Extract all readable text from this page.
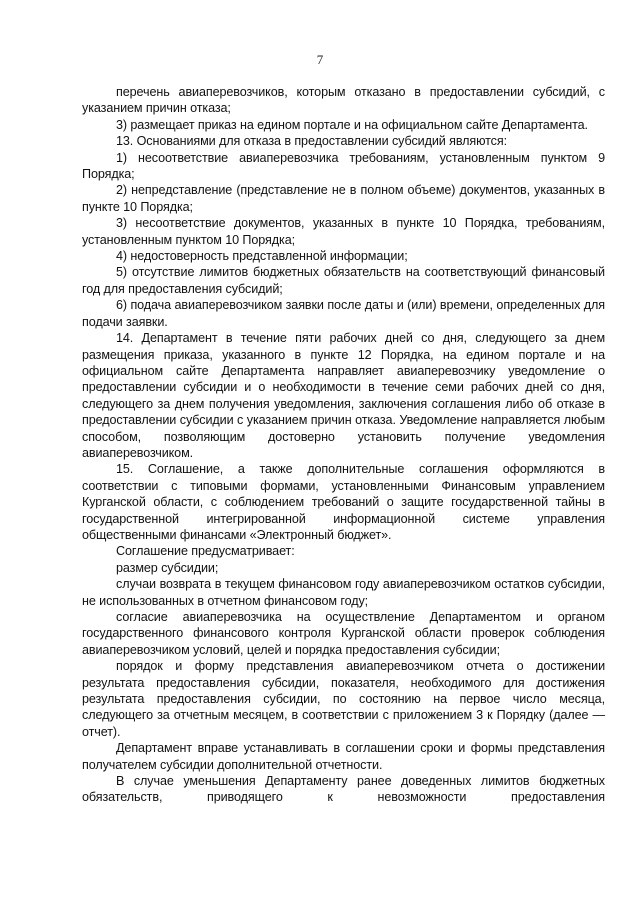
7

перечень авиаперевозчиков, которым отказано в предоставлении субсидий, с указанием причин отказа;

3) размещает приказ на едином портале и на официальном сайте Департамента.

13. Основаниями для отказа в предоставлении субсидий являются:

1) несоответствие авиаперевозчика требованиям, установленным пунктом 9 Порядка;

2) непредставление (представление не в полном объеме) документов, указанных в пункте 10 Порядка;

3) несоответствие документов, указанных в пункте 10 Порядка, требованиям, установленным пунктом 10 Порядка;

4) недостоверность представленной информации;

5) отсутствие лимитов бюджетных обязательств на соответствующий финансовый год для предоставления субсидий;

6) подача авиаперевозчиком заявки после даты и (или) времени, определенных для подачи заявки.

14. Департамент в течение пяти рабочих дней со дня, следующего за днем размещения приказа, указанного в пункте 12 Порядка, на едином портале и на официальном сайте Департамента направляет авиаперевозчику уведомление о предоставлении субсидии и о необходимости в течение семи рабочих дней со дня, следующего за днем получения уведомления, заключения соглашения либо об отказе в предоставлении субсидии с указанием причин отказа. Уведомление направляется любым способом, позволяющим достоверно установить получение уведомления авиаперевозчиком.

15. Соглашение, а также дополнительные соглашения оформляются в соответствии с типовыми формами, установленными Финансовым управлением Курганской области, с соблюдением требований о защите государственной тайны в государственной интегрированной информационной системе управления общественными финансами «Электронный бюджет».

Соглашение предусматривает:

размер субсидии;

случаи возврата в текущем финансовом году авиаперевозчиком остатков субсидии, не использованных в отчетном финансовом году;

согласие авиаперевозчика на осуществление Департаментом и органом государственного финансового контроля Курганской области проверок соблюдения авиаперевозчиком условий, целей и порядка предоставления субсидии;

порядок и форму представления авиаперевозчиком отчета о достижении результата предоставления субсидии, показателя, необходимого для достижения результата предоставления субсидии, по состоянию на первое число месяца, следующего за отчетным месяцем, в соответствии с приложением 3 к Порядку (далее — отчет).

Департамент вправе устанавливать в соглашении сроки и формы представления получателем субсидии дополнительной отчетности.

В случае уменьшения Департаменту ранее доведенных лимитов бюджетных обязательств, приводящего к невозможности предоставления
